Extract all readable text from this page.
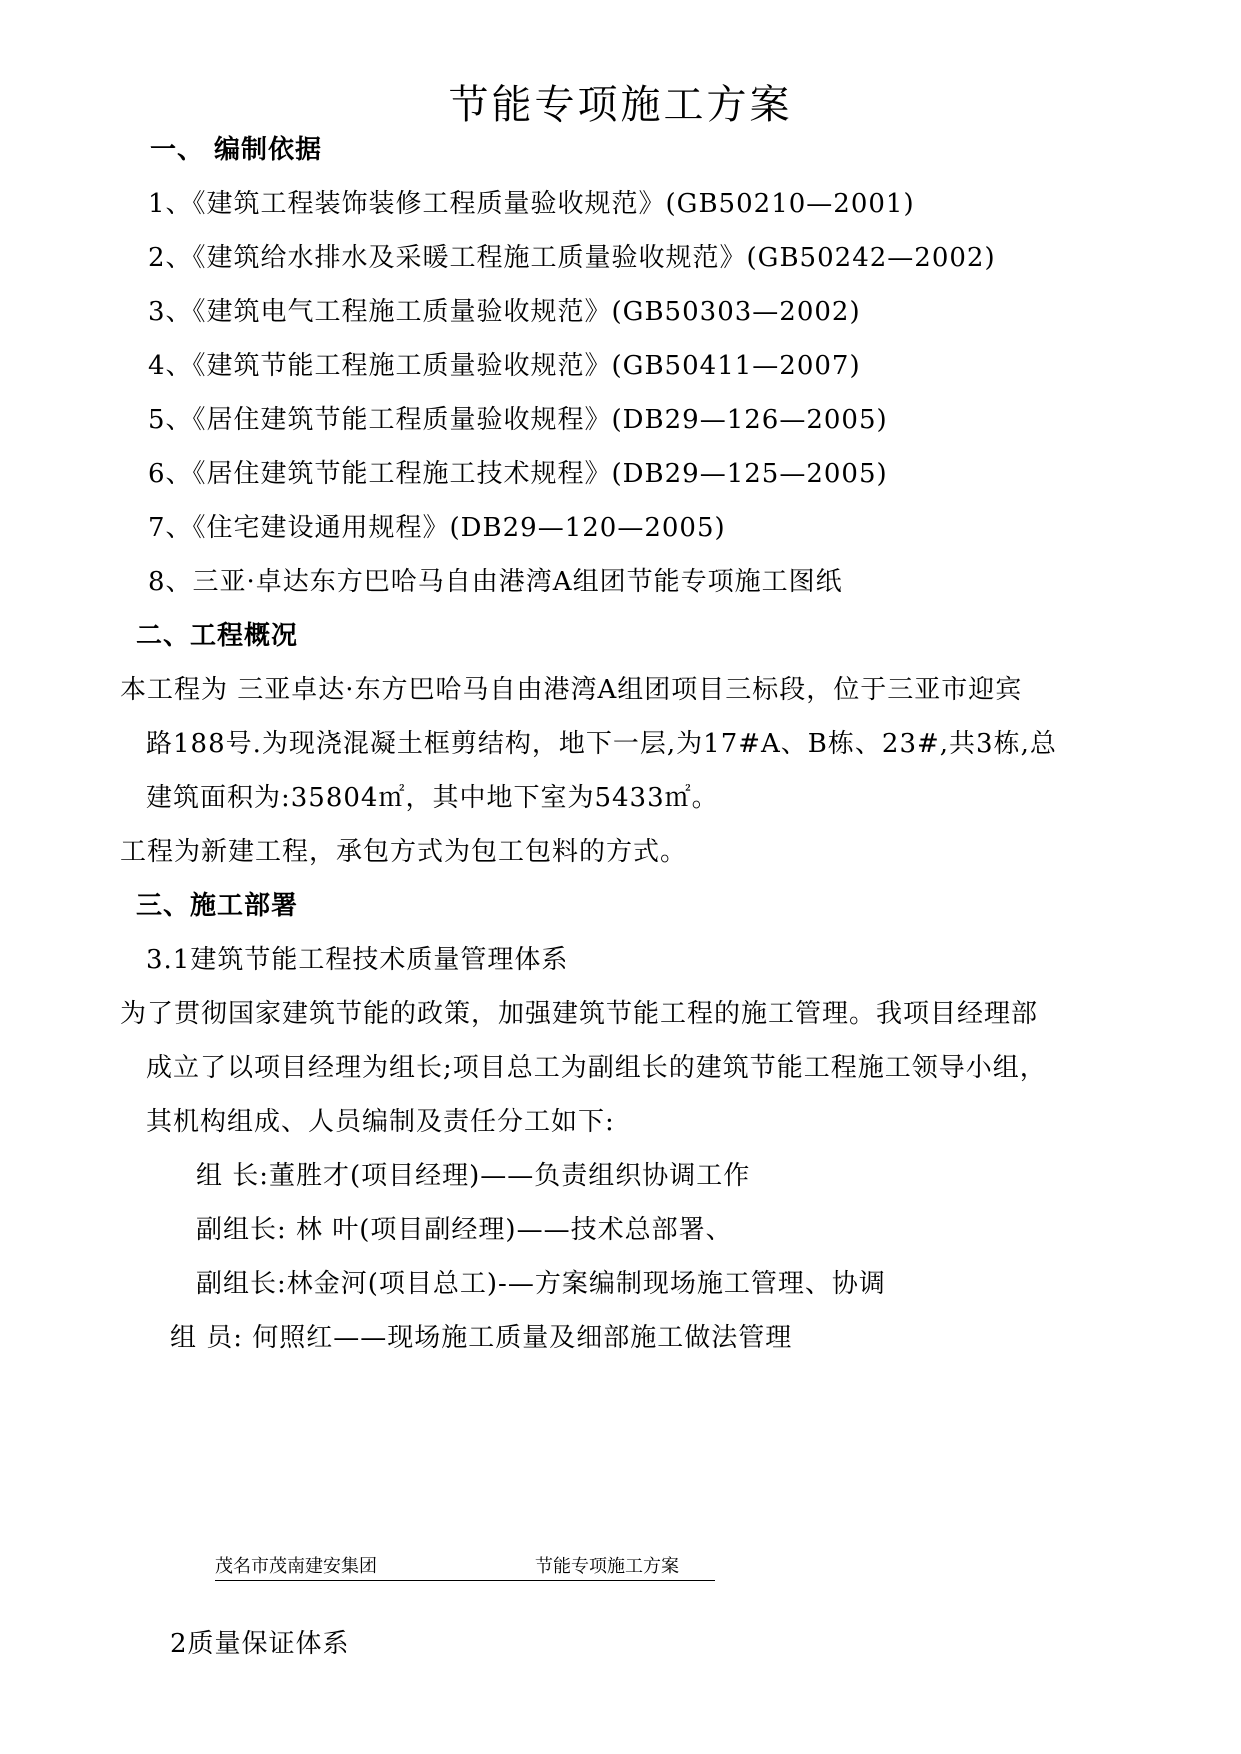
节能专项施工方案
一、 编制依据
1、《建筑工程装饰装修工程质量验收规范》(GB50210—2001)
2、《建筑给水排水及采暖工程施工质量验收规范》(GB50242—2002)
3、《建筑电气工程施工质量验收规范》(GB50303—2002)
4、《建筑节能工程施工质量验收规范》(GB50411—2007)
5、《居住建筑节能工程质量验收规程》(DB29—126—2005)
6、《居住建筑节能工程施工技术规程》(DB29—125—2005)
7、《住宅建设通用规程》(DB29—120—2005)
8、三亚·卓达东方巴哈马自由港湾A组团节能专项施工图纸
二、工程概况
本工程为 三亚卓达·东方巴哈马自由港湾A组团项目三标段，位于三亚市迎宾
路188号.为现浇混凝土框剪结构，地下一层,为17#A、B栋、23#,共3栋,总
建筑面积为:35804㎡，其中地下室为5433㎡。
工程为新建工程，承包方式为包工包料的方式。
三、施工部署
3.1建筑节能工程技术质量管理体系
为了贯彻国家建筑节能的政策，加强建筑节能工程的施工管理。我项目经理部
成立了以项目经理为组长;项目总工为副组长的建筑节能工程施工领导小组，
其机构组成、人员编制及责任分工如下:
组 长:董胜才(项目经理)——负责组织协调工作
副组长: 林 叶(项目副经理)——技术总部署、
副组长:林金河(项目总工)-—方案编制现场施工管理、协调
组 员: 何照红——现场施工质量及细部施工做法管理
茂名市茂南建安集团	节能专项施工方案
2质量保证体系
